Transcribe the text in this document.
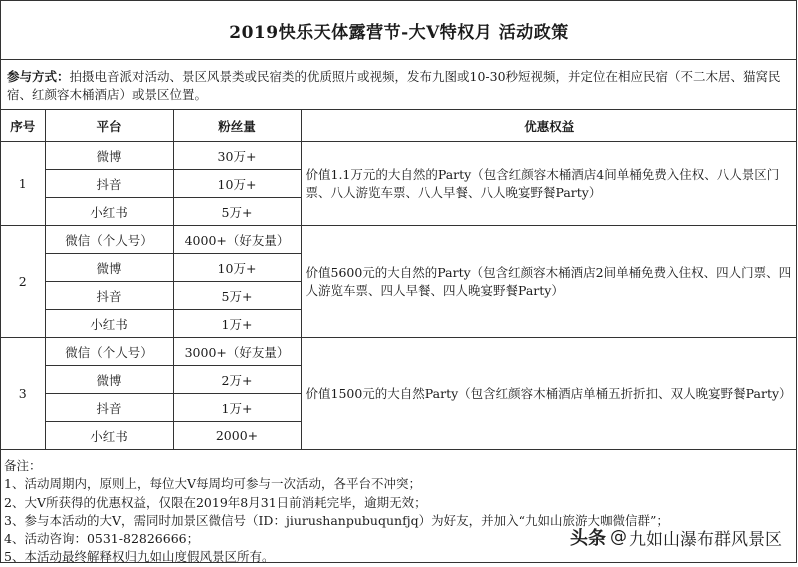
2019快乐天体露营节-大V特权月 活动政策
参与方式：拍摄电音派对活动、景区风景类或民宿类的优质照片或视频，发布九图或10-30秒短视频，并定位在相应民宿（不二木居、猫窝民宿、红颜容木桶酒店）或景区位置。
序号	平台	粉丝量	优惠权益
1	微博	30万+	价值1.1万元的大自然的Party（包含红颜容木桶酒店4间单桶免费入住权、八人景区门票、八人游览车票、八人早餐、八人晚宴野餐Party）
	抖音	10万+	
	小红书	5万+	
2	微信（个人号）	4000+（好友量）	价值5600元的大自然的Party（包含红颜容木桶酒店2间单桶免费入住权、四人门票、四人游览车票、四人早餐、四人晚宴野餐Party）
	微博	10万+	
	抖音	5万+	
	小红书	1万+	
3	微信（个人号）	3000+（好友量）	价值1500元的大自然Party（包含红颜容木桶酒店单桶五折折扣、双人晚宴野餐Party）
	微博	2万+	
	抖音	1万+	
	小红书	2000+	
备注：
1、活动周期内，原则上，每位大V每周均可参与一次活动，各平台不冲突；
2、大V所获得的优惠权益，仅限在2019年8月31日前消耗完毕，逾期无效；
3、参与本活动的大V，需同时加景区微信号（ID：jiurushanpubuqunfjq）为好友，并加入“九如山旅游大咖微信群”；
4、活动咨询：0531-82826666；
5、本活动最终解释权归九如山度假风景区所有。
头条 @ 九如山瀑布群风景区
